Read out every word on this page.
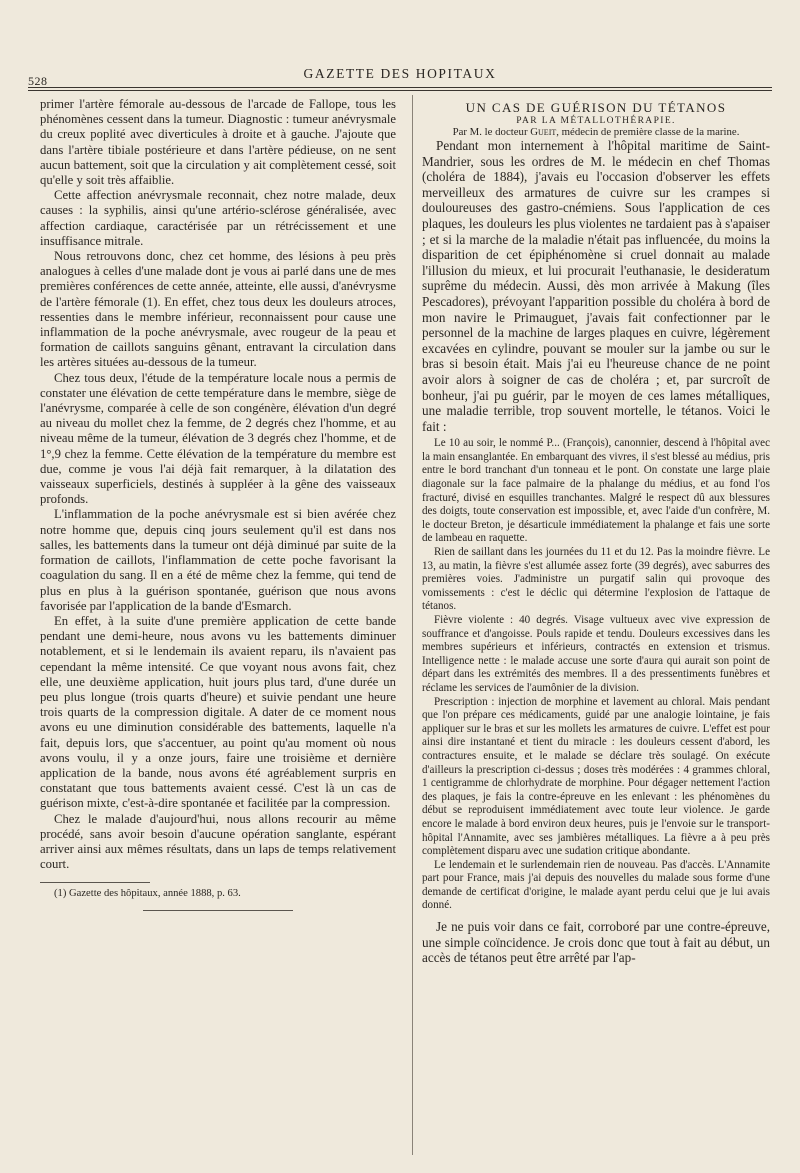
528	GAZETTE DES HOPITAUX

primer l'artère fémorale au-dessous de l'arcade de Fallope, tous les phénomènes cessent dans la tumeur. Diagnostic : tumeur anévrysmale du creux poplité avec diverticules à droite et à gauche. J'ajoute que dans l'artère tibiale postérieure et dans l'artère pédieuse, on ne sent aucun battement, soit que la circulation y ait complètement cessé, soit qu'elle y soit très affaiblie.

Cette affection anévrysmale reconnait, chez notre malade, deux causes : la syphilis, ainsi qu'une artério-sclérose généralisée, avec affection cardiaque, caractérisée par un rétrécissement et une insuffisance mitrale.

Nous retrouvons donc, chez cet homme, des lésions à peu près analogues à celles d'une malade dont je vous ai parlé dans une de mes premières conférences de cette année, atteinte, elle aussi, d'anévrysme de l'artère fémorale (1). En effet, chez tous deux les douleurs atroces, ressenties dans le membre inférieur, reconnaissent pour cause une inflammation de la poche anévrysmale, avec rougeur de la peau et formation de caillots sanguins gênant, entravant la circulation dans les artères situées au-dessous de la tumeur.

Chez tous deux, l'étude de la température locale nous a permis de constater une élévation de cette température dans le membre, siège de l'anévrysme, comparée à celle de son congénère, élévation d'un degré au niveau du mollet chez la femme, de 2 degrés chez l'homme, et au niveau même de la tumeur, élévation de 3 degrés chez l'homme, et de 1°,9 chez la femme. Cette élévation de la température du membre est due, comme je vous l'ai déjà fait remarquer, à la dilatation des vaisseaux superficiels, destinés à suppléer à la gêne des vaisseaux profonds.

L'inflammation de la poche anévrysmale est si bien avérée chez notre homme que, depuis cinq jours seulement qu'il est dans nos salles, les battements dans la tumeur ont déjà diminué par suite de la formation de caillots, l'inflammation de cette poche favorisant la coagulation du sang. Il en a été de même chez la femme, qui tend de plus en plus à la guérison spontanée, guérison que nous avons favorisée par l'application de la bande d'Esmarch.

En effet, à la suite d'une première application de cette bande pendant une demi-heure, nous avons vu les battements diminuer notablement, et si le lendemain ils avaient reparu, ils n'avaient pas cependant la même intensité. Ce que voyant nous avons fait, chez elle, une deuxième application, huit jours plus tard, d'une durée un peu plus longue (trois quarts d'heure) et suivie pendant une heure trois quarts de la compression digitale. A dater de ce moment nous avons eu une diminution considérable des battements, laquelle n'a fait, depuis lors, que s'accentuer, au point qu'au moment où nous avons voulu, il y a onze jours, faire une troisième et dernière application de la bande, nous avons été agréablement surpris en constatant que tous battements avaient cessé. C'est là un cas de guérison mixte, c'est-à-dire spontanée et facilitée par la compression.

Chez le malade d'aujourd'hui, nous allons recourir au même procédé, sans avoir besoin d'aucune opération sanglante, espérant arriver ainsi aux mêmes résultats, dans un laps de temps relativement court.

(1) Gazette des hôpitaux, année 1888, p. 63.

UN CAS DE GUÉRISON DU TÉTANOS

PAR LA MÉTALLOTHÉRAPIE.

Par M. le docteur Gueit, médecin de première classe de la marine.

Pendant mon internement à l'hôpital maritime de Saint-Mandrier, sous les ordres de M. le médecin en chef Thomas (choléra de 1884), j'avais eu l'occasion d'observer les effets merveilleux des armatures de cuivre sur les crampes si douloureuses des gastro-cnémiens. Sous l'application de ces plaques, les douleurs les plus violentes ne tardaient pas à s'apaiser ; et si la marche de la maladie n'était pas influencée, du moins la disparition de cet épiphénomène si cruel donnait au malade l'illusion du mieux, et lui procurait l'euthanasie, le desideratum suprême du médecin. Aussi, dès mon arrivée à Makung (îles Pescadores), prévoyant l'apparition possible du choléra à bord de mon navire le Primauguet, j'avais fait confectionner par le personnel de la machine de larges plaques en cuivre, légèrement excavées en cylindre, pouvant se mouler sur la jambe ou sur le bras si besoin était. Mais j'ai eu l'heureuse chance de ne point avoir alors à soigner de cas de choléra ; et, par surcroît de bonheur, j'ai pu guérir, par le moyen de ces lames métalliques, une maladie terrible, trop souvent mortelle, le tétanos. Voici le fait :

Le 10 au soir, le nommé P... (François), canonnier, descend à l'hôpital avec la main ensanglantée. En embarquant des vivres, il s'est blessé au médius, pris entre le bord tranchant d'un tonneau et le pont. On constate une large plaie diagonale sur la face palmaire de la phalange du médius, et au fond l'os fracturé, divisé en esquilles tranchantes. Malgré le respect dû aux blessures des doigts, toute conservation est impossible, et, avec l'aide d'un confrère, M. le docteur Breton, je désarticule immédiatement la phalange et fais une sorte de lambeau en raquette.

Rien de saillant dans les journées du 11 et du 12. Pas la moindre fièvre. Le 13, au matin, la fièvre s'est allumée assez forte (39 degrés), avec saburres des premières voies. J'administre un purgatif salin qui provoque des vomissements : c'est le déclic qui détermine l'explosion de l'attaque de tétanos.

Fièvre violente : 40 degrés. Visage vultueux avec vive expression de souffrance et d'angoisse. Pouls rapide et tendu. Douleurs excessives dans les membres supérieurs et inférieurs, contractés en extension et trismus. Intelligence nette : le malade accuse une sorte d'aura qui aurait son point de départ dans les extrémités des membres. Il a des pressentiments funèbres et réclame les services de l'aumônier de la division.

Prescription : injection de morphine et lavement au chloral. Mais pendant que l'on prépare ces médicaments, guidé par une analogie lointaine, je fais appliquer sur le bras et sur les mollets les armatures de cuivre. L'effet est pour ainsi dire instantané et tient du miracle : les douleurs cessent d'abord, les contractures ensuite, et le malade se déclare très soulagé. On exécute d'ailleurs la prescription ci-dessus ; doses très modérées : 4 grammes chloral, 1 centigramme de chlorhydrate de morphine. Pour dégager nettement l'action des plaques, je fais la contre-épreuve en les enlevant : les phénomènes du début se reproduisent immédiatement avec toute leur violence. Je garde encore le malade à bord environ deux heures, puis je l'envoie sur le transport-hôpital l'Annamite, avec ses jambières métalliques. La fièvre a à peu près complètement disparu avec une sudation critique abondante.

Le lendemain et le surlendemain rien de nouveau. Pas d'accès. L'Annamite part pour France, mais j'ai depuis des nouvelles du malade sous forme d'une demande de certificat d'origine, le malade ayant perdu celui que je lui avais donné.

Je ne puis voir dans ce fait, corroboré par une contre-épreuve, une simple coïncidence. Je crois donc que tout à fait au début, un accès de tétanos peut être arrêté par l'ap-
